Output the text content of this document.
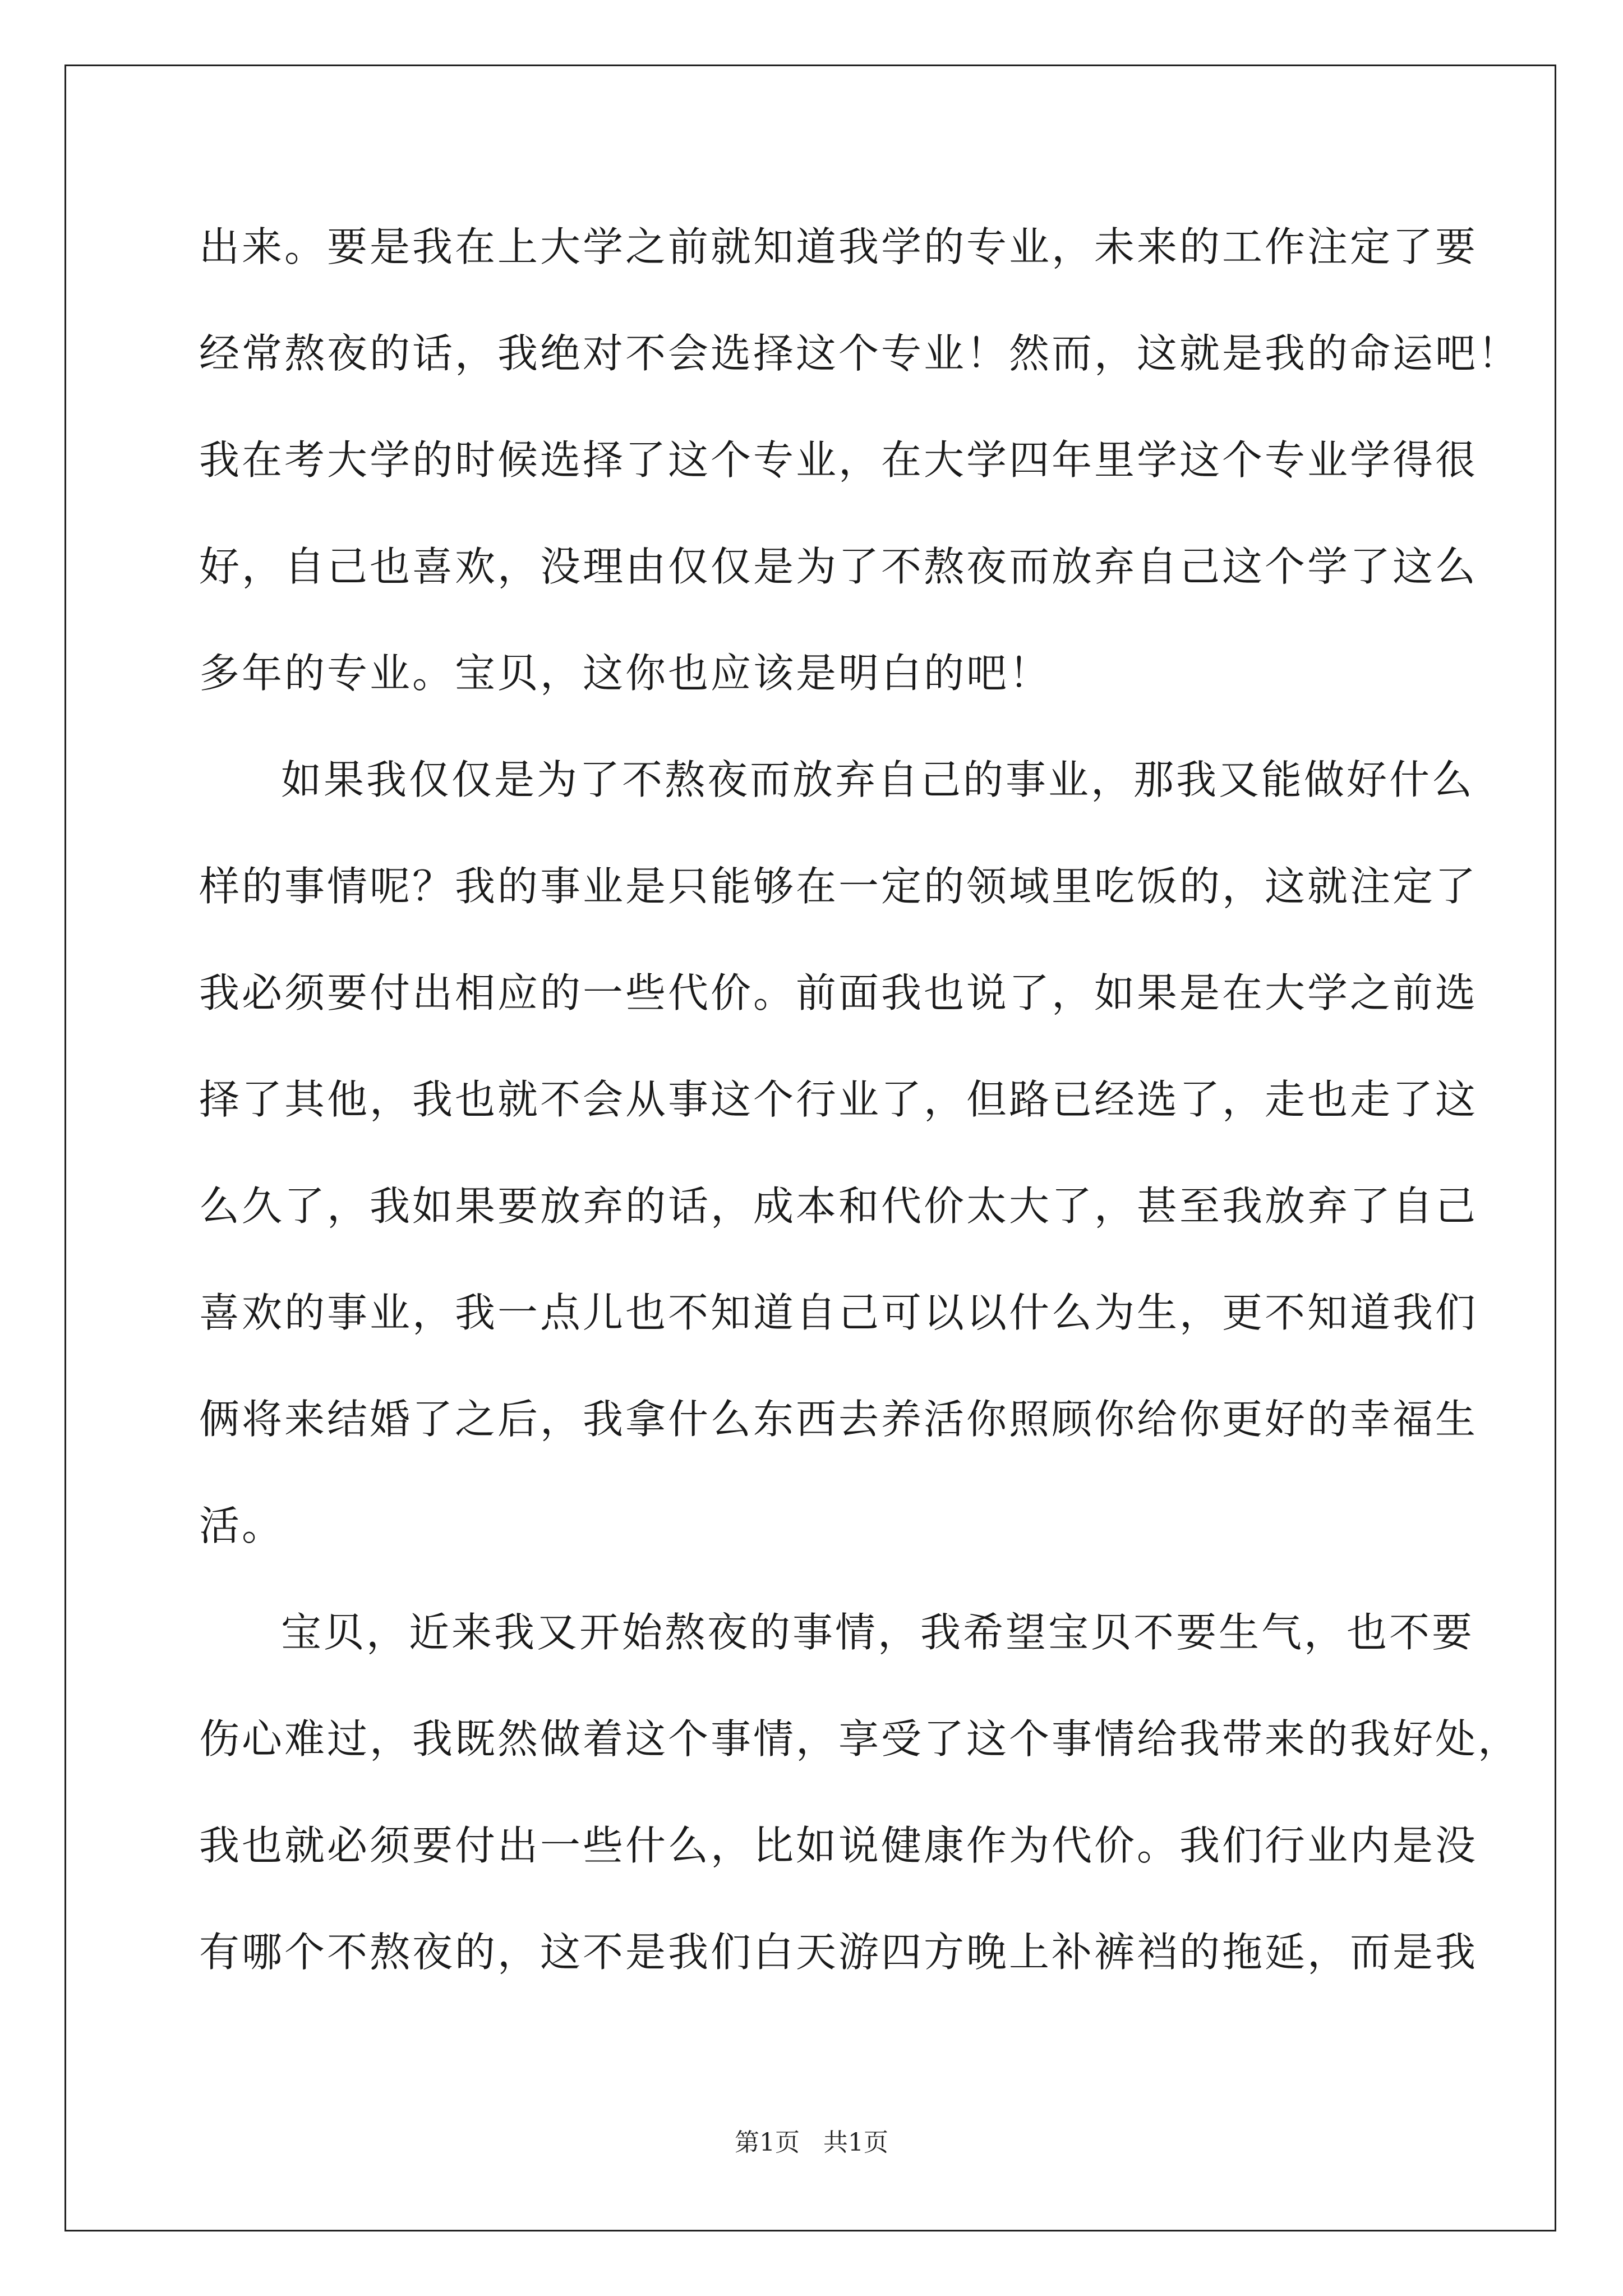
出来。要是我在上大学之前就知道我学的专业，未来的工作注定了要
经常熬夜的话，我绝对不会选择这个专业！然而，这就是我的命运吧！
我在考大学的时候选择了这个专业，在大学四年里学这个专业学得很
好，自己也喜欢，没理由仅仅是为了不熬夜而放弃自己这个学了这么
多年的专业。宝贝，这你也应该是明白的吧！
如果我仅仅是为了不熬夜而放弃自己的事业，那我又能做好什么
样的事情呢？我的事业是只能够在一定的领域里吃饭的，这就注定了
我必须要付出相应的一些代价。前面我也说了，如果是在大学之前选
择了其他，我也就不会从事这个行业了，但路已经选了，走也走了这
么久了，我如果要放弃的话，成本和代价太大了，甚至我放弃了自己
喜欢的事业，我一点儿也不知道自己可以以什么为生，更不知道我们
俩将来结婚了之后，我拿什么东西去养活你照顾你给你更好的幸福生
活。
宝贝，近来我又开始熬夜的事情，我希望宝贝不要生气，也不要
伤心难过，我既然做着这个事情，享受了这个事情给我带来的我好处，
我也就必须要付出一些什么，比如说健康作为代价。我们行业内是没
有哪个不熬夜的，这不是我们白天游四方晚上补裤裆的拖延，而是我
第1页 共1页
